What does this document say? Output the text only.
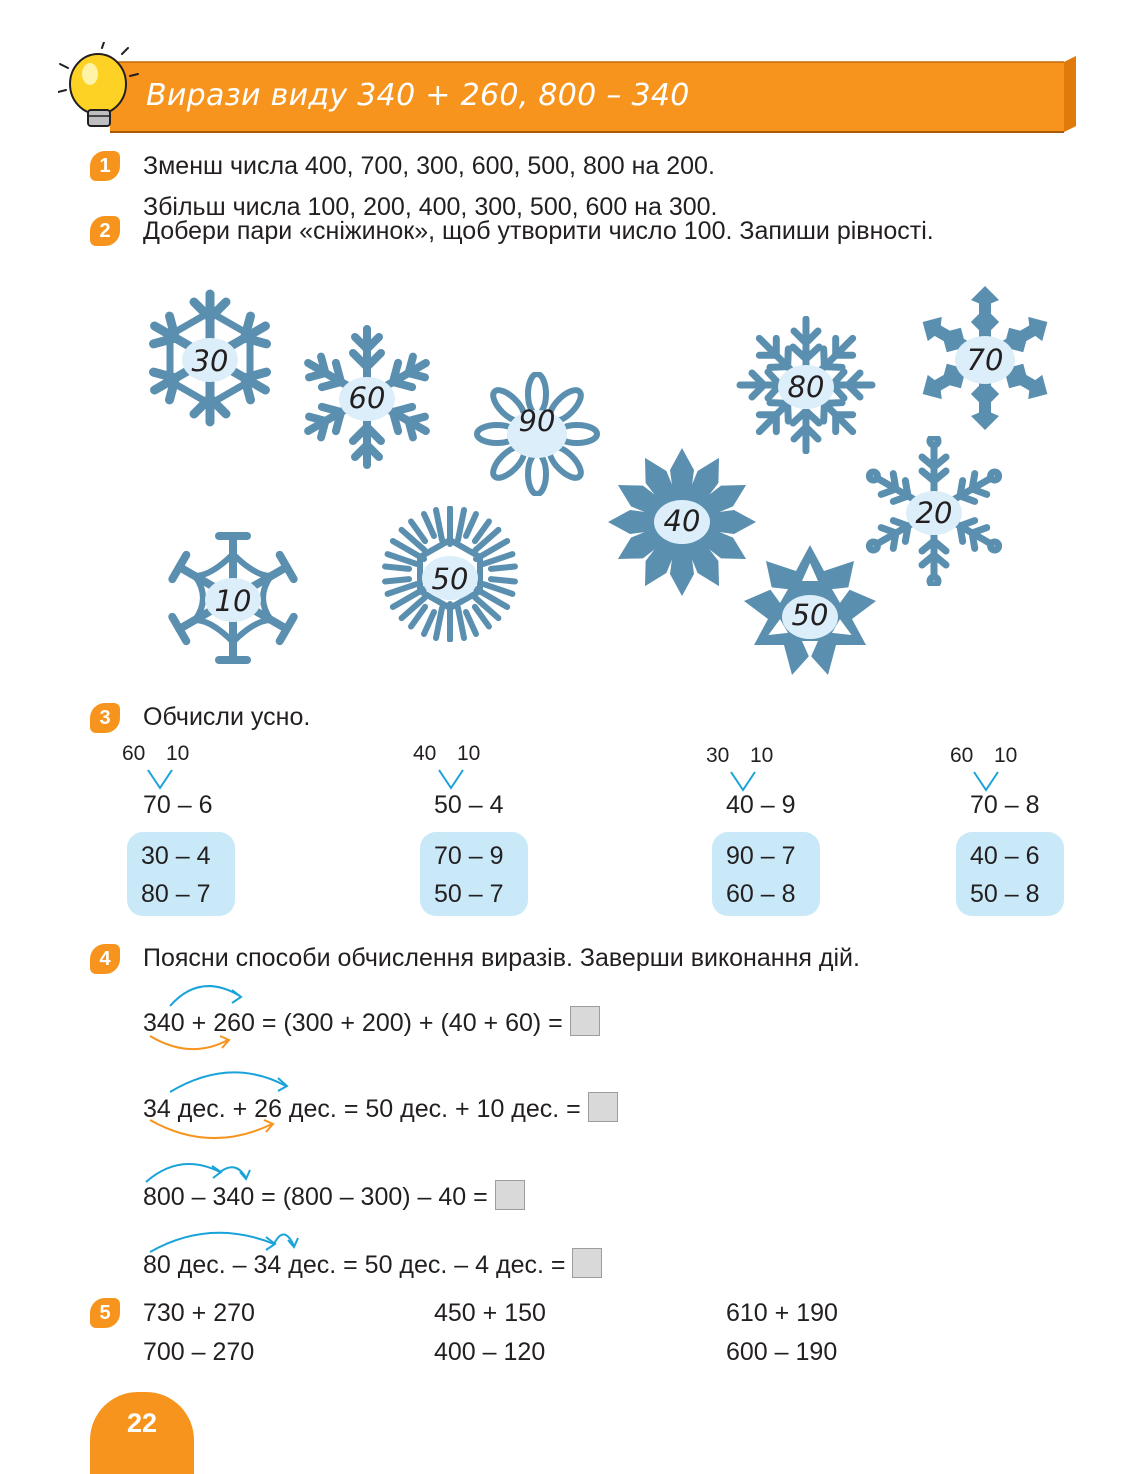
Вирази виду 340 + 260, 800 – 340
1	Зменш числа 400, 700, 300, 600, 500, 800 на 200.
Збільш числа 100, 200, 400, 300, 500, 600 на 300.
2	Добери пари «сніжинок», щоб утворити число 100. Запиши рівності.
30
60
90
80
70
40	20
10
50
50
3	Обчисли усно.
60 10
70 – 6
30 – 4
80 – 7
40 10
50 – 4
70 – 9
50 – 7
30 10
40 – 9
90 – 7
60 – 8
60 10
70 – 8
40 – 6
50 – 8
4	Поясни способи обчислення виразів. Заверши виконання дій.
340 + 260 = (300 + 200) + (40 + 60) =
34 дес. + 26 дес. = 50 дес. + 10 дес. =
800 – 340 = (800 – 300) – 40 =
80 дес. – 34 дес. = 50 дес. – 4 дес. =
5	730 + 270	450 + 150	610 + 190
700 – 270	400 – 120	600 – 190
22
